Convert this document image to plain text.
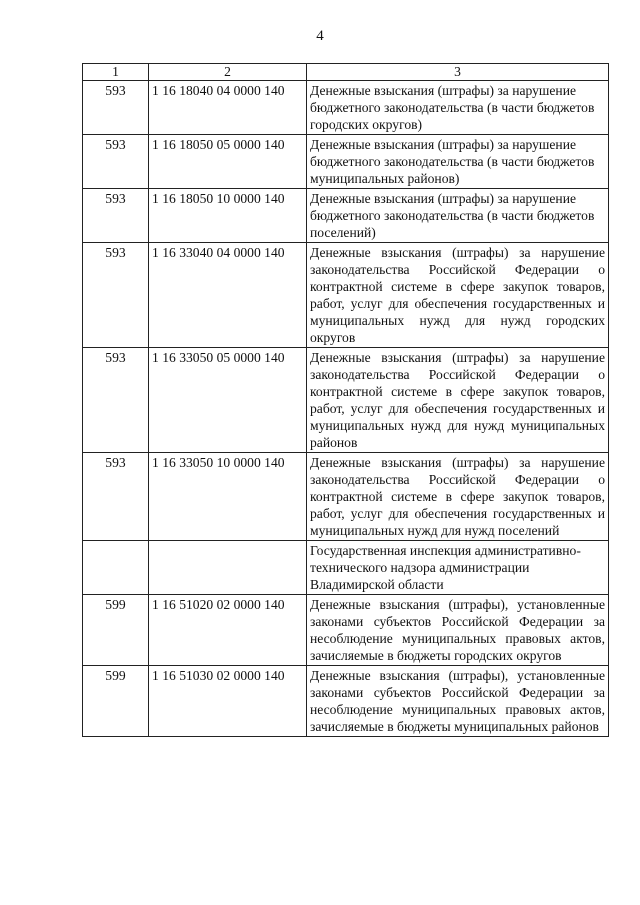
4
1	2	3
593	1 16 18040 04 0000 140	Денежные взыскания (штрафы) за нарушение бюджетного законодательства (в части бюджетов городских округов)
593	1 16 18050 05 0000 140	Денежные взыскания (штрафы) за нарушение бюджетного законодательства (в части бюджетов муниципальных районов)
593	1 16 18050 10 0000 140	Денежные взыскания (штрафы) за нарушение бюджетного законодательства (в части бюджетов поселений)
593	1 16 33040 04 0000 140	Денежные взыскания (штрафы) за нарушение законодательства Российской Федерации о контрактной системе в сфере закупок товаров, работ, услуг для обеспечения государственных и муниципальных нужд для нужд городских округов
593	1 16 33050 05 0000 140	Денежные взыскания (штрафы) за нарушение законодательства Российской Федерации о контрактной системе в сфере закупок товаров, работ, услуг для обеспечения государственных и муниципальных нужд для нужд муниципальных районов
593	1 16 33050 10 0000 140	Денежные взыскания (штрафы) за нарушение законодательства Российской Федерации о контрактной системе в сфере закупок товаров, работ, услуг для обеспечения государственных и муниципальных нужд для нужд поселений
		Государственная инспекция административно-технического надзора администрации Владимирской области
599	1 16 51020 02 0000 140	Денежные взыскания (штрафы), установленные законами субъектов Российской Федерации за несоблюдение муниципальных правовых актов, зачисляемые в бюджеты городских округов
599	1 16 51030 02 0000 140	Денежные взыскания (штрафы), установленные законами субъектов Российской Федерации за несоблюдение муниципальных правовых актов, зачисляемые в бюджеты муниципальных районов
